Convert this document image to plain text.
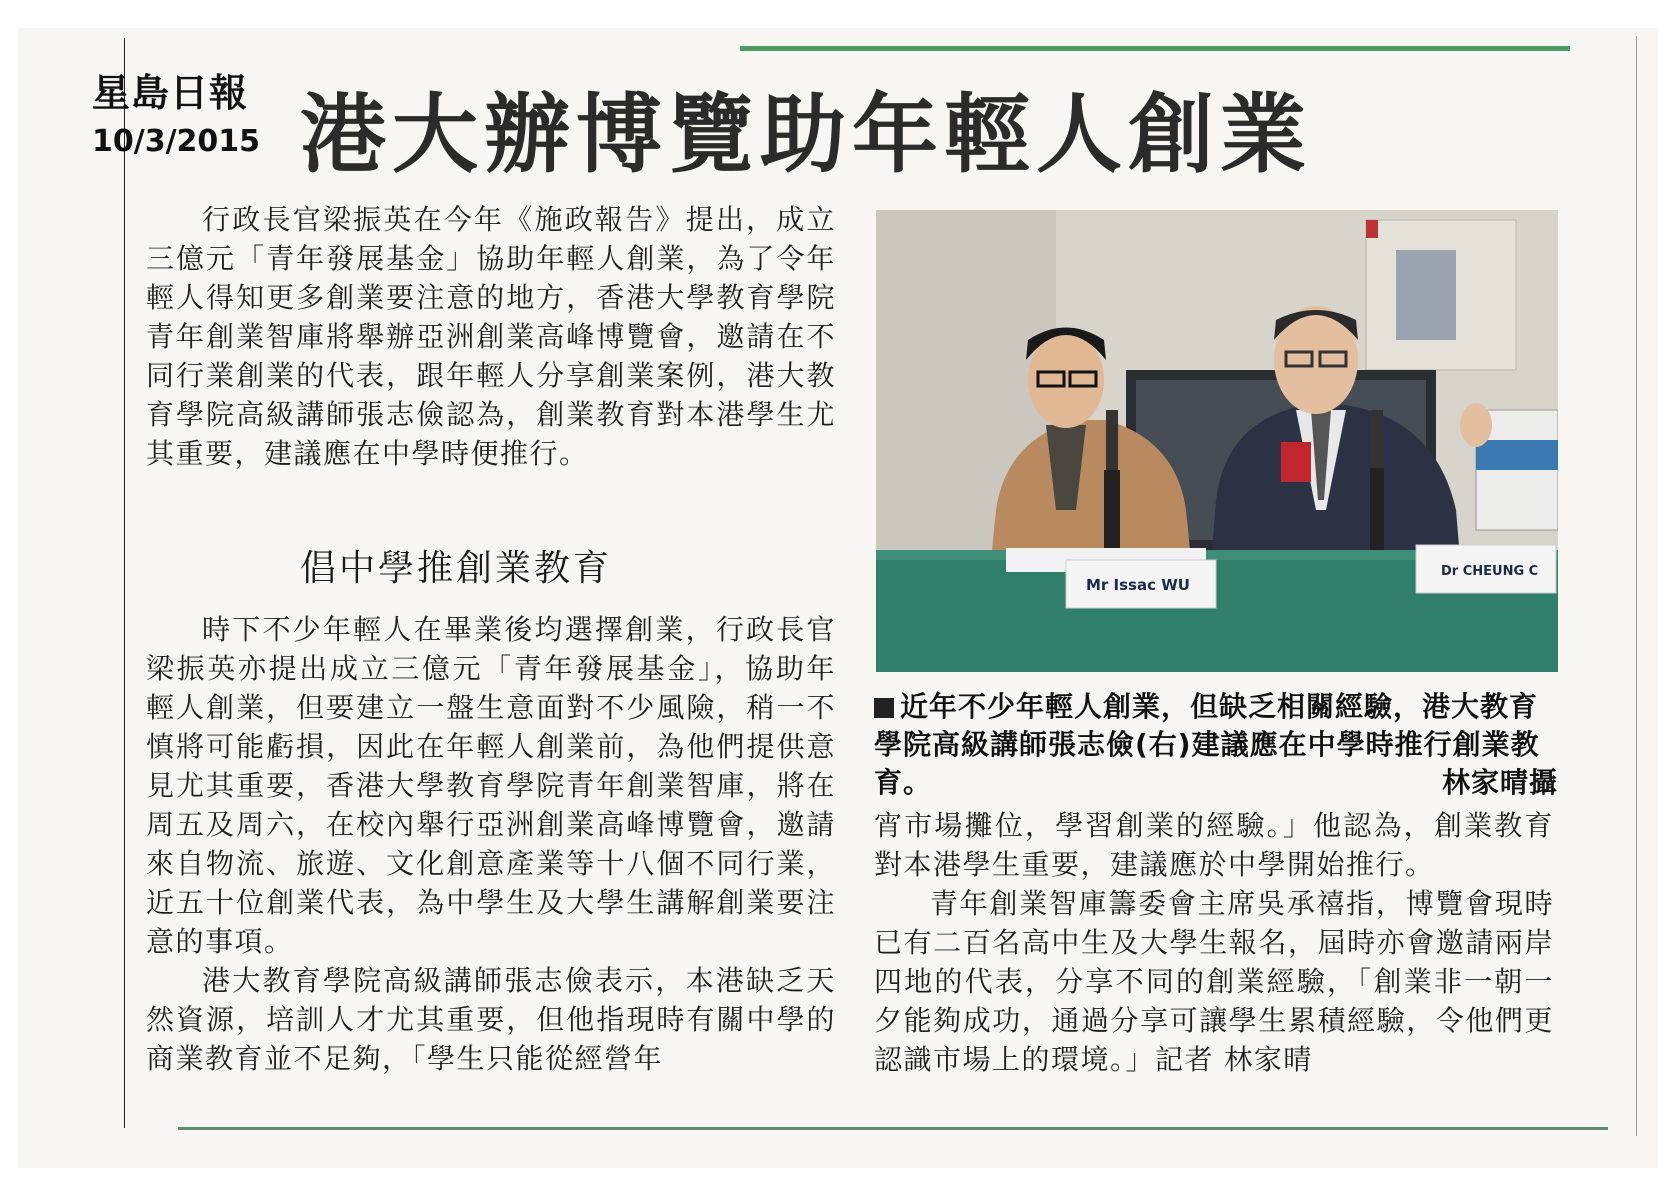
星島日報
10/3/2015 港大辦博覽助年輕人創業

行政長官梁振英在今年《施政報告》提出，成立三億元「青年發展基金」協助年輕人創業，為了令年輕人得知更多創業要注意的地方，香港大學教育學院青年創業智庫將舉辦亞洲創業高峰博覽會，邀請在不同行業創業的代表，跟年輕人分享創業案例，港大教育學院高級講師張志儉認為，創業教育對本港學生尤其重要，建議應在中學時便推行。

倡中學推創業教育

時下不少年輕人在畢業後均選擇創業，行政長官梁振英亦提出成立三億元「青年發展基金」，協助年輕人創業，但要建立一盤生意面對不少風險，稍一不慎將可能虧損，因此在年輕人創業前，為他們提供意見尤其重要，香港大學教育學院青年創業智庫，將在周五及周六，在校內舉行亞洲創業高峰博覽會，邀請來自物流、旅遊、文化創意產業等十八個不同行業，近五十位創業代表，為中學生及大學生講解創業要注意的事項。

港大教育學院高級講師張志儉表示，本港缺乏天然資源，培訓人才尤其重要，但他指現時有關中學的商業教育並不足夠，「學生只能從經營年

Mr Issac WU
Dr CHEUNG C
近年不少年輕人創業，但缺乏相關經驗，港大教育學院高級講師張志儉(右)建議應在中學時推行創業教育。	林家晴攝

宵市場攤位，學習創業的經驗。」他認為，創業教育對本港學生重要，建議應於中學開始推行。

青年創業智庫籌委會主席吳承禧指，博覽會現時已有二百名高中生及大學生報名，屆時亦會邀請兩岸四地的代表，分享不同的創業經驗，「創業非一朝一夕能夠成功，通過分享可讓學生累積經驗，令他們更認識市場上的環境。」記者 林家晴
